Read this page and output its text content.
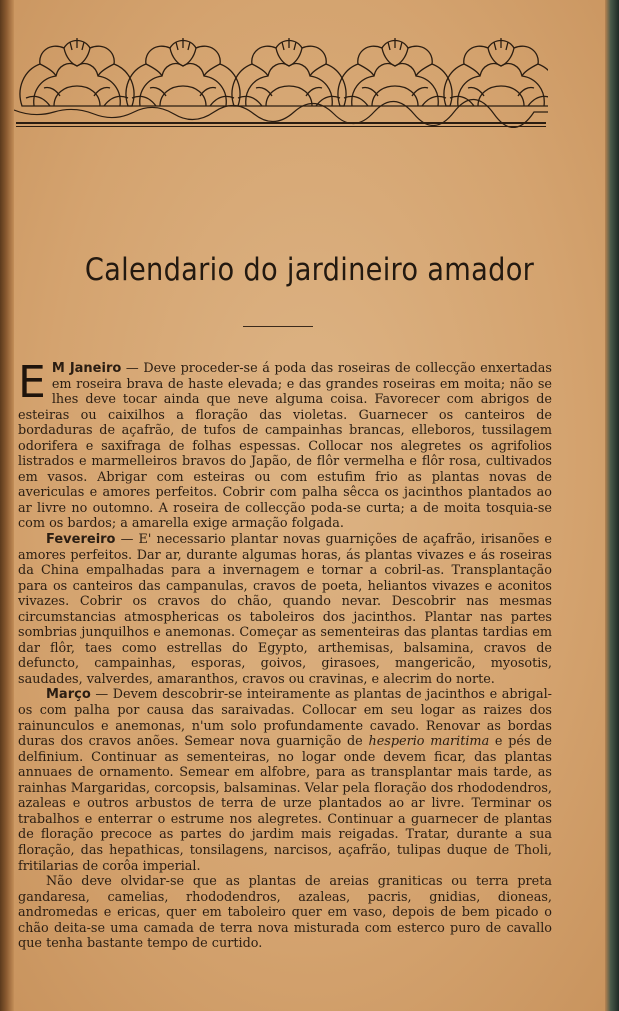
Calendario do jardineiro amador

E M Janeiro — Deve proceder-se á poda das roseiras de collecção enxertadas em roseira brava de haste elevada; e das grandes roseiras em moita; não se lhes deve tocar ainda que neve alguma coisa. Favorecer com abrigos de esteiras ou caixilhos a floração das violetas. Guarnecer os canteiros de bordaduras de açafrão, de tufos de campainhas brancas, elleboros, tussilagem odorifera e saxifraga de folhas espessas. Collocar nos alegretes os agrifolios listrados e marmelleiros bravos do Japão, de flôr vermelha e flôr rosa, cultivados em vasos. Abrigar com esteiras ou com estufim frio as plantas novas de avericulas e amores perfeitos. Cobrir com palha sêcca os jacinthos plantados ao ar livre no outomno. A roseira de collecção poda-se curta; a de moita tosquia-se com os bardos; a amarella exige armação folgada.

Fevereiro — E' necessario plantar novas guarnições de açafrão, irisanões e amores perfeitos. Dar ar, durante algumas horas, ás plantas vivazes e ás roseiras da China empalhadas para a invernagem e tornar a cobril-as. Transplantação para os canteiros das campanulas, cravos de poeta, heliantos vivazes e aconitos vivazes. Cobrir os cravos do chão, quando nevar. Descobrir nas mesmas circumstancias atmosphericas os taboleiros dos jacinthos. Plantar nas partes sombrias junquilhos e anemonas. Começar as sementeiras das plantas tardias em dar flôr, taes como estrellas do Egypto, arthemisas, balsamina, cravos de defuncto, campainhas, esporas, goivos, girasoes, mangericão, myosotis, saudades, valverdes, amaranthos, cravos ou cravinas, e alecrim do norte.

Março — Devem descobrir-se inteiramente as plantas de jacinthos e abrigal-os com palha por causa das saraivadas. Collocar em seu logar as raizes dos rainunculos e anemonas, n'um solo profundamente cavado. Renovar as bordas duras dos cravos anões. Semear nova guarnição de hesperio maritima e pés de delfinium. Continuar as sementeiras, no logar onde devem ficar, das plantas annuaes de ornamento. Semear em alfobre, para as transplantar mais tarde, as rainhas Margaridas, corcopsis, balsaminas. Velar pela floração dos rhododendros, azaleas e outros arbustos de terra de urze plantados ao ar livre. Terminar os trabalhos e enterrar o estrume nos alegretes. Continuar a guarnecer de plantas de floração precoce as partes do jardim mais reigadas. Tratar, durante a sua floração, das hepathicas, tonsilagens, narcisos, açafrão, tulipas duque de Tholi, fritilarias de corôa imperial.

Não deve olvidar-se que as plantas de areias graniticas ou terra preta gandaresa, camelias, rhododendros, azaleas, pacris, gnidias, dioneas, andromedas e ericas, quer em taboleiro quer em vaso, depois de bem picado o chão deita-se uma camada de terra nova misturada com esterco puro de cavallo que tenha bastante tempo de curtido.
